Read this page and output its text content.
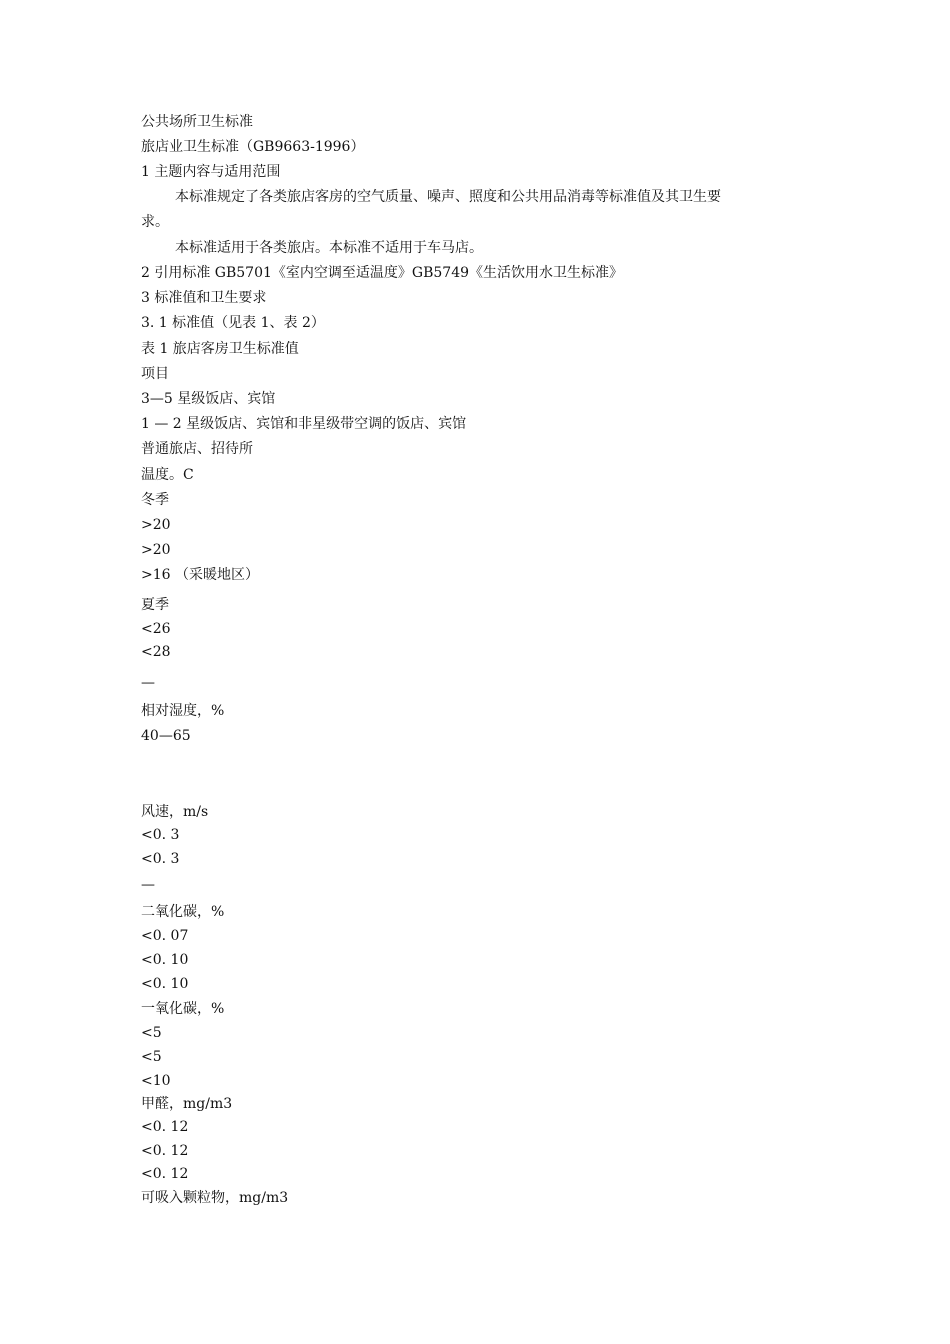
公共场所卫生标准
旅店业卫生标准（GB9663-1996）
1 主题内容与适用范围
本标准规定了各类旅店客房的空气质量、噪声、照度和公共用品消毒等标准值及其卫生要
求。
本标准适用于各类旅店。本标准不适用于车马店。
2 引用标准 GB5701《室内空调至适温度》GB5749《生活饮用水卫生标准》
3 标准值和卫生要求
3. 1 标准值（见表 1、表 2）
表 1 旅店客房卫生标准值
项目
3—5 星级饭店、宾馆
1 — 2 星级饭店、宾馆和非星级带空调的饭店、宾馆
普通旅店、招待所
温度。C
冬季
>20
>20
>16 （采暖地区）
夏季
<26
<28
—
相对湿度，%
40—65
风速，m/s
<0. 3
<0. 3
—
二氧化碳，%
<0. 07
<0. 10
<0. 10
一氧化碳，%
<5
<5
<10
甲醛，mg/m3
<0. 12
<0. 12
<0. 12
可吸入颗粒物，mg/m3
